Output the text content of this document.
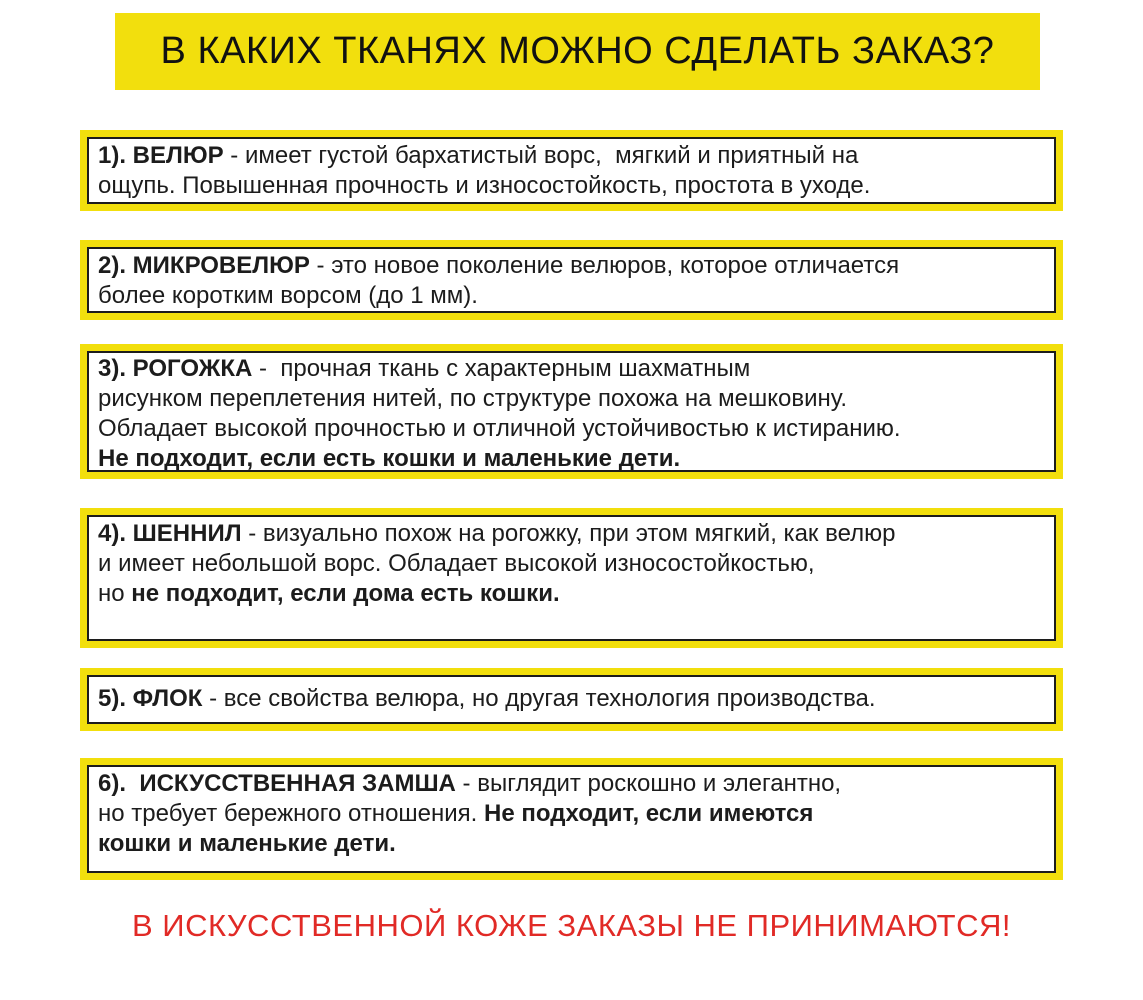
В КАКИХ ТКАНЯХ МОЖНО СДЕЛАТЬ ЗАКАЗ?

1). ВЕЛЮР - имеет густой бархатистый ворс,  мягкий и приятный на
ощупь. Повышенная прочность и износостойкость, простота в уходе.

2). МИКРОВЕЛЮР - это новое поколение велюров, которое отличается
более коротким ворсом (до 1 мм).

3). РОГОЖКА -  прочная ткань с характерным шахматным
рисунком переплетения нитей, по структуре похожа на мешковину.
Обладает высокой прочностью и отличной устойчивостью к истиранию.
Не подходит, если есть кошки и маленькие дети.

4). ШЕННИЛ - визуально похож на рогожку, при этом мягкий, как велюр
и имеет небольшой ворс. Обладает высокой износостойкостью,
но не подходит, если дома есть кошки.

5). ФЛОК - все свойства велюра, но другая технология производства.

6).  ИСКУССТВЕННАЯ ЗАМША - выглядит роскошно и элегантно,
но требует бережного отношения. Не подходит, если имеются
кошки и маленькие дети.

В ИСКУССТВЕННОЙ КОЖЕ ЗАКАЗЫ НЕ ПРИНИМАЮТСЯ!
